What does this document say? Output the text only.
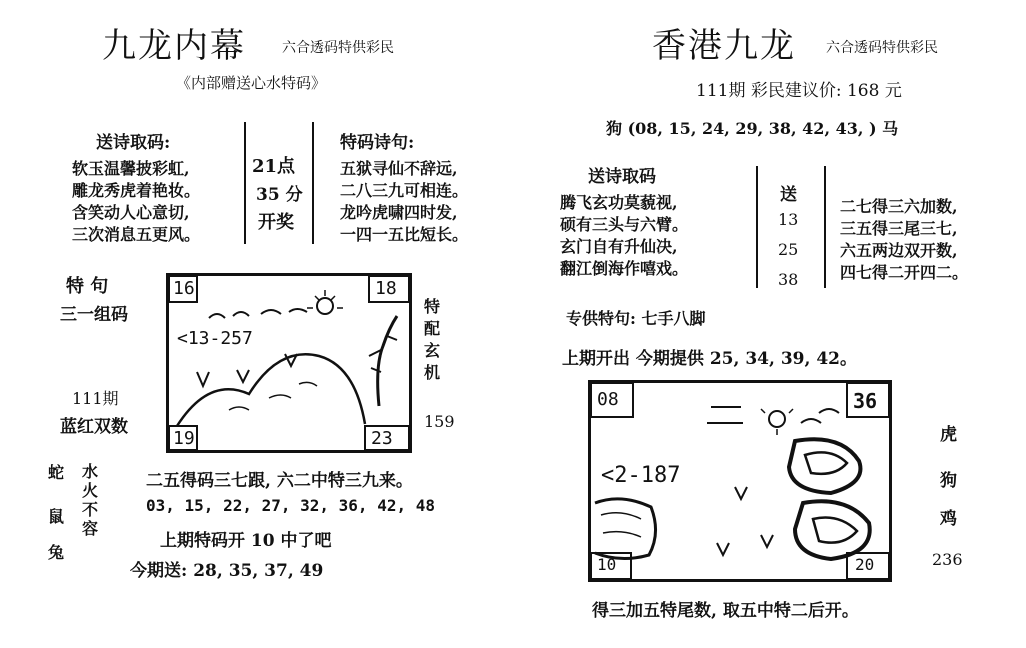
九龙内幕	六合透码特供彩民
《内部赠送心水特码》
送诗取码:
软玉温馨披彩虹,
雕龙秀虎着艳妆。
含笑动人心意切,
三次消息五更风。
21点
35 分
开奖
特码诗句:
五狱寻仙不辞远,
二八三九可相连。
龙吟虎啸四时发,
一四一五比短长。
特 句
三一组码
111期
蓝红双数
16	18
19	23
<13-257
特配玄机
159
蛇
鼠
兔
水火不容
二五得码三七跟, 六二中特三九来。
03, 15, 22, 27, 32, 36, 42, 48
上期特码开 10 中了吧
今期送: 28, 35, 37, 49
香港九龙 六合透码特供彩民
111期 彩民建议价: 168 元
狗 (08, 15, 24, 29, 38, 42, 43, ) 马
送诗取码
腾飞玄功莫藐视,
硕有三头与六臂。
玄门自有升仙决,
翻江倒海作嘻戏。
送
13
25
38
二七得三六加数,
三五得三尾三七,
六五两边双开数,
四七得二开四二。
专供特句: 七手八脚
上期开出 今期提供 25, 34, 39, 42。
08	36
10	20
<2-187
虎
狗
鸡
236
得三加五特尾数, 取五中特二后开。
